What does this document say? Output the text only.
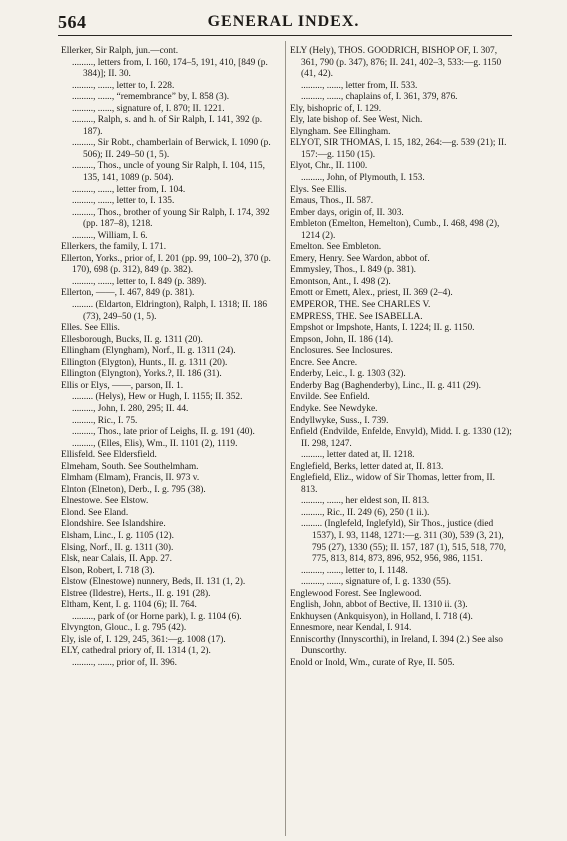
564	GENERAL INDEX.

Ellerker, Sir Ralph, jun.—cont.

........., letters from, I. 160, 174–5, 191, 410, [849 (p. 384)]; II. 30.

........., ......, letter to, I. 228.

........., ......, “remembrance” by, I. 858 (3).

........., ......, signature of, I. 870; II. 1221.

........., Ralph, s. and h. of Sir Ralph, I. 141, 392 (p. 187).

........., Sir Robt., chamberlain of Berwick, I. 1090 (p. 506); II. 249–50 (1, 5).

........., Thos., uncle of young Sir Ralph, I. 104, 115, 135, 141, 1089 (p. 504).

........., ......, letter from, I. 104.

........., ......, letter to, I. 135.

........., Thos., brother of young Sir Ralph, I. 174, 392 (pp. 187–8), 1218.

........., William, I. 6.

Ellerkers, the family, I. 171.

Ellerton, Yorks., prior of, I. 201 (pp. 99, 100–2), 370 (p. 170), 698 (p. 312), 849 (p. 382).

........., ......, letter to, I. 849 (p. 389).

Ellerton, ——, I. 467, 849 (p. 381).

......... (Eldarton, Eldrington), Ralph, I. 1318; II. 186 (73), 249–50 (1, 5).

Elles. See Ellis.

Ellesborough, Bucks, II. g. 1311 (20).

Ellingham (Elyngham), Norf., II. g. 1311 (24).

Ellington (Elygton), Hunts., II. g. 1311 (20).

Ellington (Elyngton), Yorks.?, II. 186 (31).

Ellis or Elys, ——, parson, II. 1.

......... (Helys), Hew or Hugh, I. 1155; II. 352.

........., John, I. 280, 295; II. 44.

........., Ric., I. 75.

........., Thos., late prior of Leighs, II. g. 191 (40).

........., (Elles, Elis), Wm., II. 1101 (2), 1119.

Ellisfeld. See Eldersfield.

Elmeham, South. See Southelmham.

Elmham (Elmam), Francis, II. 973 v.

Elnton (Elneton), Derb., I. g. 795 (38).

Elnestowe. See Elstow.

Elond. See Eland.

Elondshire. See Islandshire.

Elsham, Linc., I. g. 1105 (12).

Elsing, Norf., II. g. 1311 (30).

Elsk, near Calais, II. App. 27.

Elson, Robert, I. 718 (3).

Elstow (Elnestowe) nunnery, Beds, II. 131 (1, 2).

Elstree (Ildestre), Herts., II. g. 191 (28).

Eltham, Kent, I. g. 1104 (6); II. 764.

........., park of (or Horne park), I. g. 1104 (6).

Elvyngton, Glouc., I. g. 795 (42).

Ely, isle of, I. 129, 245, 361:—g. 1008 (17).

ELY, cathedral priory of, II. 1314 (1, 2).

........., ......, prior of, II. 396.

ELY (Hely), THOS. GOODRICH, BISHOP OF, I. 307, 361, 790 (p. 347), 876; II. 241, 402–3, 533:—g. 1150 (41, 42).

........., ......, letter from, II. 533.

........., ......, chaplains of, I. 361, 379, 876.

Ely, bishopric of, I. 129.

Ely, late bishop of. See West, Nich.

Elyngham. See Ellingham.

ELYOT, SIR THOMAS, I. 15, 182, 264:—g. 539 (21); II. 157:—g. 1150 (15).

Elyot, Chr., II. 1100.

........., John, of Plymouth, I. 153.

Elys. See Ellis.

Emaus, Thos., II. 587.

Ember days, origin of, II. 303.

Embleton (Emelton, Hemelton), Cumb., I. 468, 498 (2), 1214 (2).

Emelton. See Embleton.

Emery, Henry. See Wardon, abbot of.

Emmysley, Thos., I. 849 (p. 381).

Emontson, Ant., I. 498 (2).

Emott or Emett, Alex., priest, II. 369 (2–4).

EMPEROR, THE. See CHARLES V.

EMPRESS, THE. See ISABELLA.

Empshot or Impshote, Hants, I. 1224; II. g. 1150.

Empson, John, II. 186 (14).

Enclosures. See Inclosures.

Encre. See Ancre.

Enderby, Leic., I. g. 1303 (32).

Enderby Bag (Baghenderby), Linc., II. g. 411 (29).

Envilde. See Enfield.

Endyke. See Newdyke.

Endyllwyke, Suss., I. 739.

Enfield (Endvilde, Enfelde, Envyld), Midd. I. g. 1330 (12); II. 298, 1247.

........., letter dated at, II. 1218.

Englefield, Berks, letter dated at, II. 813.

Englefield, Eliz., widow of Sir Thomas, letter from, II. 813.

........., ......, her eldest son, II. 813.

........., Ric., II. 249 (6), 250 (1 ii.).

......... (Inglefeld, Inglefyld), Sir Thos., justice (died 1537), I. 93, 1148, 1271:—g. 311 (30), 539 (3, 21), 795 (27), 1330 (55); II. 157, 187 (1), 515, 518, 770, 775, 813, 814, 873, 896, 952, 956, 986, 1151.

........., ......, letter to, I. 1148.

........., ......, signature of, I. g. 1330 (55).

Englewood Forest. See Inglewood.

English, John, abbot of Bective, II. 1310 ii. (3).

Enkhuysen (Ankquisyon), in Holland, I. 718 (4).

Ennesmore, near Kendal, I. 914.

Enniscorthy (Innyscorthi), in Ireland, I. 394 (2.) See also Dunscorthy.

Enold or Inold, Wm., curate of Rye, II. 505.
